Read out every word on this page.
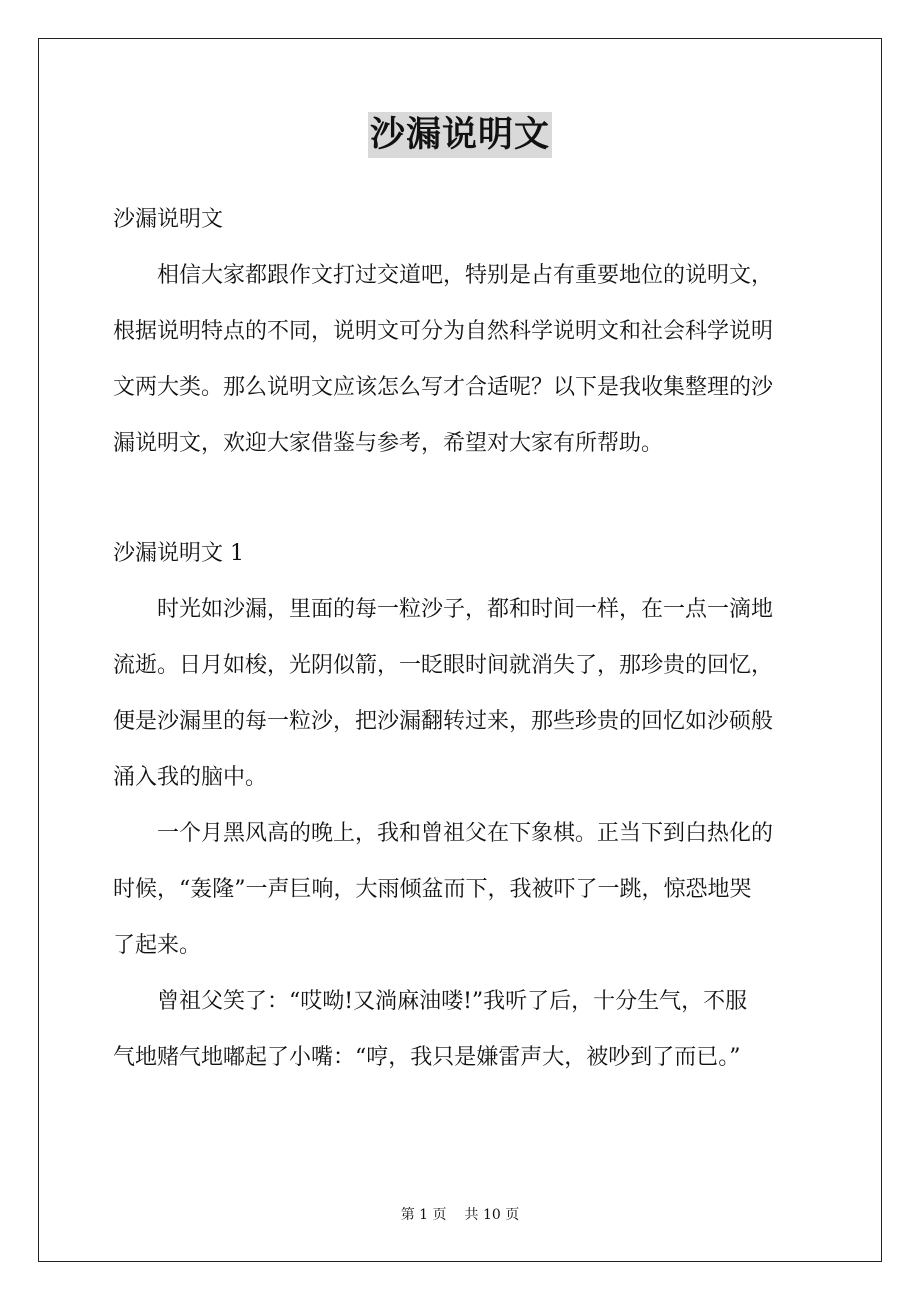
沙漏说明文

沙漏说明文

　　相信大家都跟作文打过交道吧，特别是占有重要地位的说明文，
根据说明特点的不同，说明文可分为自然科学说明文和社会科学说明
文两大类。那么说明文应该怎么写才合适呢？以下是我收集整理的沙
漏说明文，欢迎大家借鉴与参考，希望对大家有所帮助。

沙漏说明文 1

　　时光如沙漏，里面的每一粒沙子，都和时间一样，在一点一滴地
流逝。日月如梭，光阴似箭，一眨眼时间就消失了，那珍贵的回忆，
便是沙漏里的每一粒沙，把沙漏翻转过来，那些珍贵的回忆如沙硕般
涌入我的脑中。

　　一个月黑风高的晚上，我和曾祖父在下象棋。正当下到白热化的
时候，“轰隆”一声巨响，大雨倾盆而下，我被吓了一跳，惊恐地哭
了起来。

　　曾祖父笑了：“哎呦!又淌麻油喽!”我听了后，十分生气，不服
气地赌气地嘟起了小嘴：“哼，我只是嫌雷声大，被吵到了而已。”

第 1 页 共 10 页
